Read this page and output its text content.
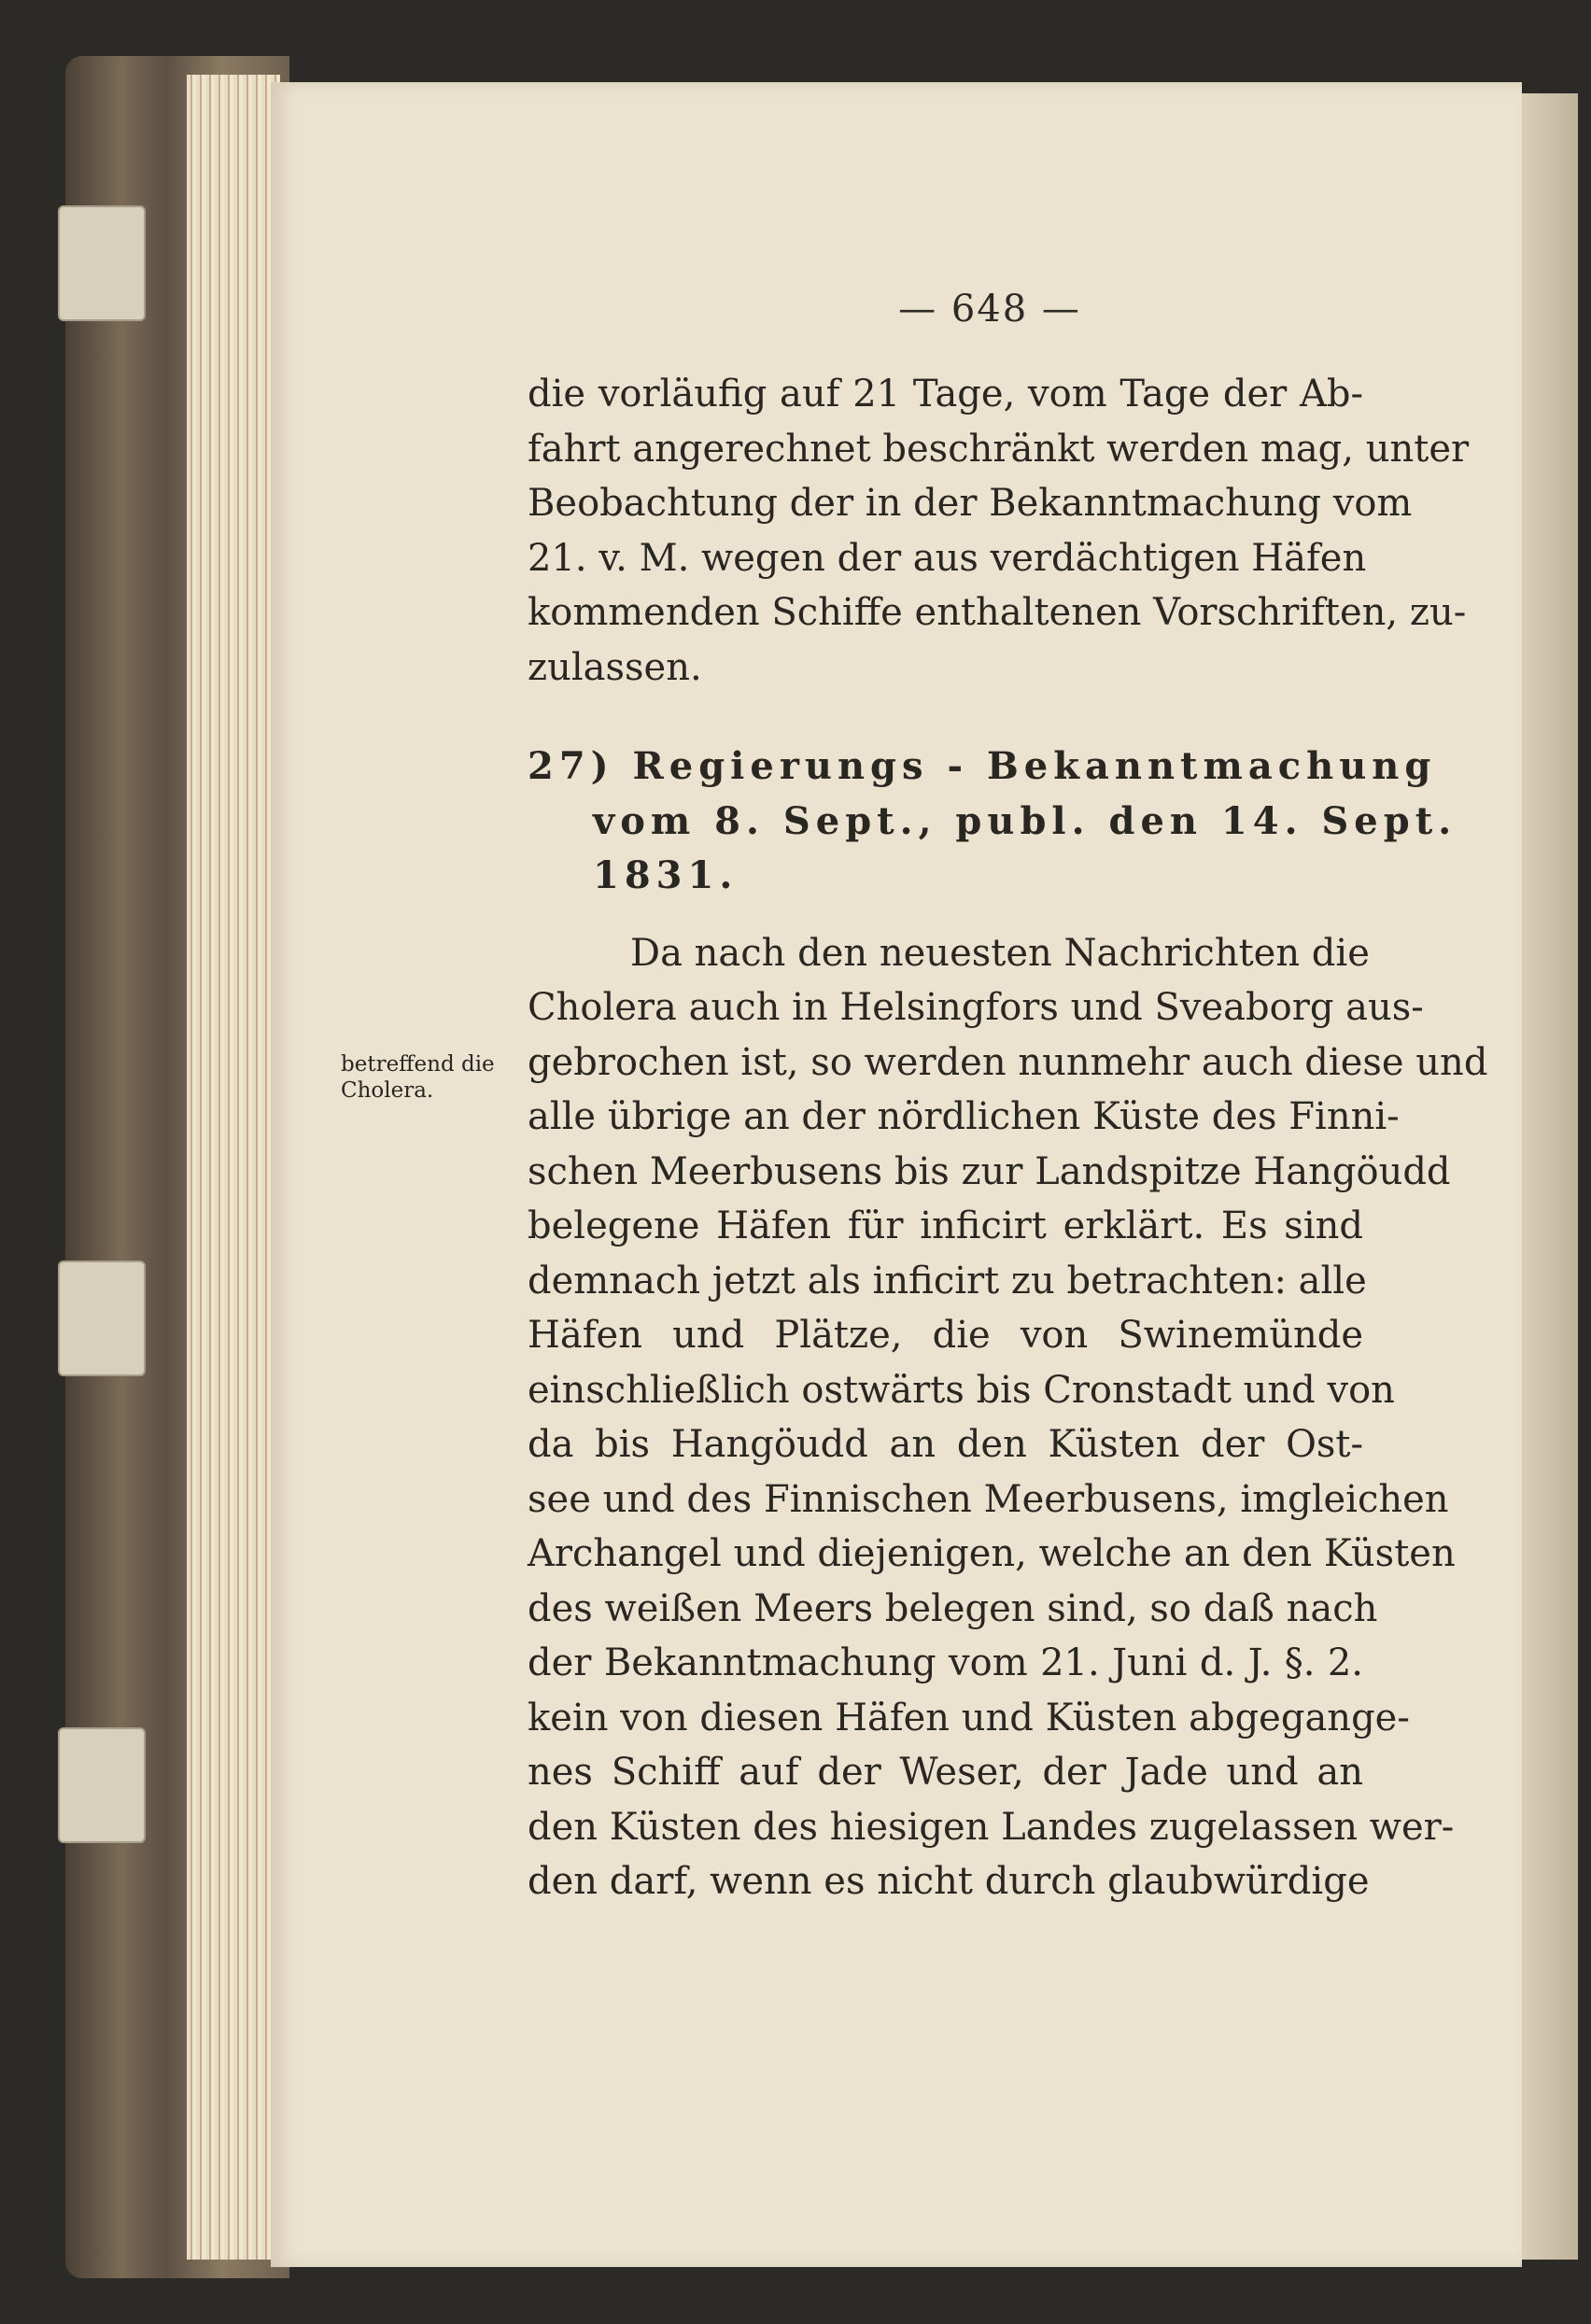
— 648 —
betreffend die
Cholera.
die vorläufig auf 21 Tage, vom Tage der Ab-
fahrt angerechnet beschränkt werden mag, unter
Beobachtung der in der Bekanntmachung vom
21. v. M. wegen der aus verdächtigen Häfen
kommenden Schiffe enthaltenen Vorschriften, zu-
zulassen.
27) Regierungs - Bekanntmachung
vom 8. Sept., publ. den 14. Sept.
1831.
Da nach den neuesten Nachrichten die
Cholera auch in Helsingfors und Sveaborg aus-
gebrochen ist, so werden nunmehr auch diese und
alle übrige an der nördlichen Küste des Finni-
schen Meerbusens bis zur Landspitze Hangöudd
belegene Häfen für inficirt erklärt. Es sind
demnach jetzt als inficirt zu betrachten: alle
Häfen und Plätze, die von Swinemünde
einschließlich ostwärts bis Cronstadt und von
da bis Hangöudd an den Küsten der Ost-
see und des Finnischen Meerbusens, imgleichen
Archangel und diejenigen, welche an den Küsten
des weißen Meers belegen sind, so daß nach
der Bekanntmachung vom 21. Juni d. J. §. 2.
kein von diesen Häfen und Küsten abgegange-
nes Schiff auf der Weser, der Jade und an
den Küsten des hiesigen Landes zugelassen wer-
den darf, wenn es nicht durch glaubwürdige
